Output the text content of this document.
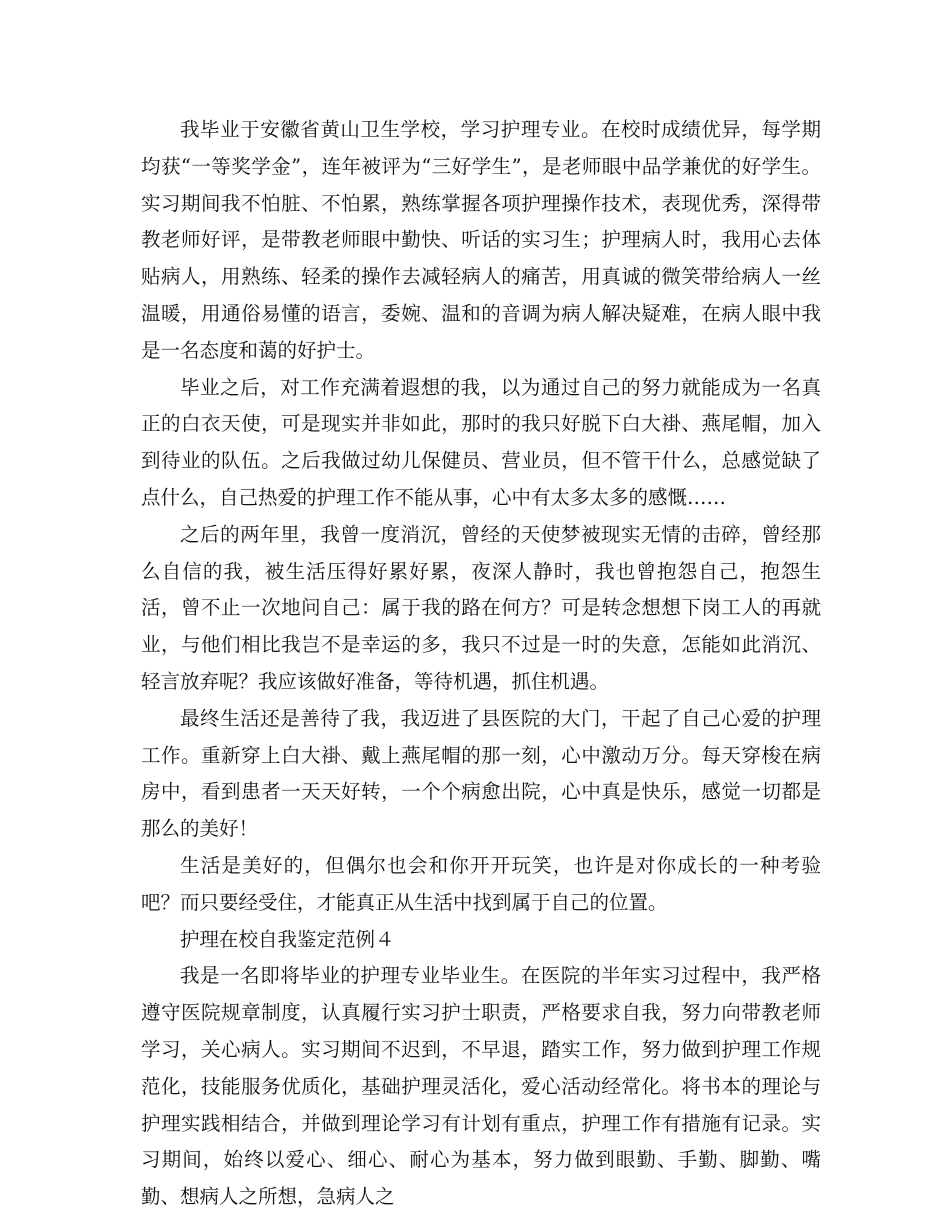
我毕业于安徽省黄山卫生学校，学习护理专业。在校时成绩优异，每学期均获“一等奖学金”，连年被评为“三好学生”，是老师眼中品学兼优的好学生。实习期间我不怕脏、不怕累，熟练掌握各项护理操作技术，表现优秀，深得带教老师好评，是带教老师眼中勤快、听话的实习生；护理病人时，我用心去体贴病人，用熟练、轻柔的操作去减轻病人的痛苦，用真诚的微笑带给病人一丝温暖，用通俗易懂的语言，委婉、温和的音调为病人解决疑难，在病人眼中我是一名态度和蔼的好护士。

毕业之后，对工作充满着遐想的我，以为通过自己的努力就能成为一名真正的白衣天使，可是现实并非如此，那时的我只好脱下白大褂、燕尾帽，加入到待业的队伍。之后我做过幼儿保健员、营业员，但不管干什么，总感觉缺了点什么，自己热爱的护理工作不能从事，心中有太多太多的感慨……

之后的两年里，我曾一度消沉，曾经的天使梦被现实无情的击碎，曾经那么自信的我，被生活压得好累好累，夜深人静时，我也曾抱怨自己，抱怨生活，曾不止一次地问自己：属于我的路在何方？可是转念想想下岗工人的再就业，与他们相比我岂不是幸运的多，我只不过是一时的失意，怎能如此消沉、轻言放弃呢？我应该做好准备，等待机遇，抓住机遇。

最终生活还是善待了我，我迈进了县医院的大门，干起了自己心爱的护理工作。重新穿上白大褂、戴上燕尾帽的那一刻，心中激动万分。每天穿梭在病房中，看到患者一天天好转，一个个病愈出院，心中真是快乐，感觉一切都是那么的美好！

生活是美好的，但偶尔也会和你开开玩笑，也许是对你成长的一种考验吧？而只要经受住，才能真正从生活中找到属于自己的位置。

护理在校自我鉴定范例４

我是一名即将毕业的护理专业毕业生。在医院的半年实习过程中，我严格遵守医院规章制度，认真履行实习护士职责，严格要求自我，努力向带教老师学习，关心病人。实习期间不迟到，不早退，踏实工作，努力做到护理工作规范化，技能服务优质化，基础护理灵活化，爱心活动经常化。将书本的理论与护理实践相结合，并做到理论学习有计划有重点，护理工作有措施有记录。实习期间，始终以爱心、细心、耐心为基本，努力做到眼勤、手勤、脚勤、嘴勤、想病人之所想，急病人之
